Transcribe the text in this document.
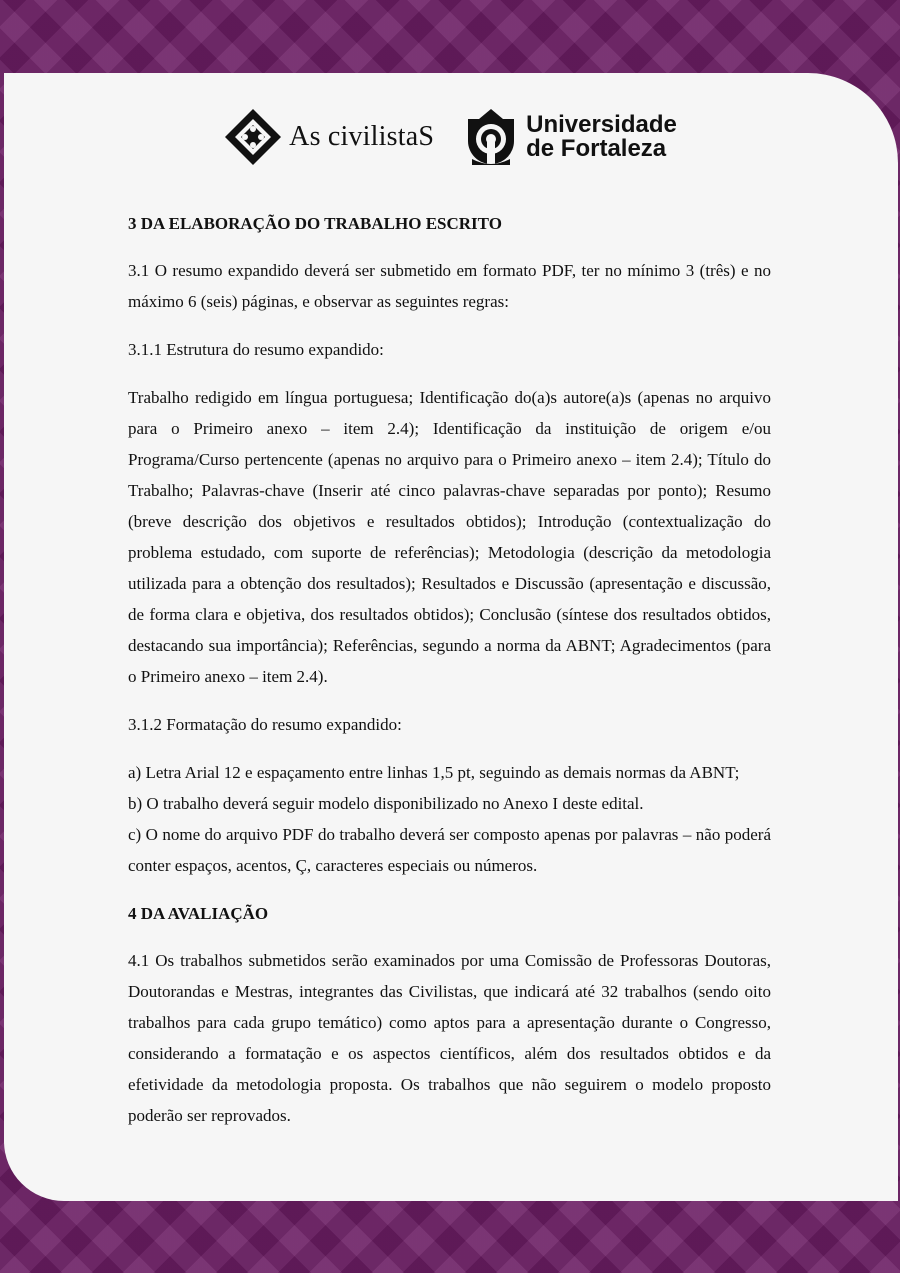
As civilistaS	Universidade
de Fortaleza
3 DA ELABORAÇÃO DO TRABALHO ESCRITO

3.1 O resumo expandido deverá ser submetido em formato PDF, ter no mínimo 3 (três) e no máximo 6 (seis) páginas, e observar as seguintes regras:

3.1.1 Estrutura do resumo expandido:

Trabalho redigido em língua portuguesa; Identificação do(a)s autore(a)s (apenas no arquivo para o Primeiro anexo – item 2.4); Identificação da instituição de origem e/ou Programa/Curso pertencente (apenas no arquivo para o Primeiro anexo – item 2.4); Título do Trabalho; Palavras-chave (Inserir até cinco palavras-chave separadas por ponto); Resumo (breve descrição dos objetivos e resultados obtidos); Introdução (contextualização do problema estudado, com suporte de referências); Metodologia (descrição da metodologia utilizada para a obtenção dos resultados); Resultados e Discussão (apresentação e discussão, de forma clara e objetiva, dos resultados obtidos); Conclusão (síntese dos resultados obtidos, destacando sua importância); Referências, segundo a norma da ABNT; Agradecimentos (para o Primeiro anexo – item 2.4).

3.1.2 Formatação do resumo expandido:

a) Letra Arial 12 e espaçamento entre linhas 1,5 pt, seguindo as demais normas da ABNT;

b) O trabalho deverá seguir modelo disponibilizado no Anexo I deste edital.

c) O nome do arquivo PDF do trabalho deverá ser composto apenas por palavras – não poderá conter espaços, acentos, Ç, caracteres especiais ou números.

4 DA AVALIAÇÃO

4.1 Os trabalhos submetidos serão examinados por uma Comissão de Professoras Doutoras, Doutorandas e Mestras, integrantes das Civilistas, que indicará até 32 trabalhos (sendo oito trabalhos para cada grupo temático) como aptos para a apresentação durante o Congresso, considerando a formatação e os aspectos científicos, além dos resultados obtidos e da efetividade da metodologia proposta. Os trabalhos que não seguirem o modelo proposto poderão ser reprovados.
